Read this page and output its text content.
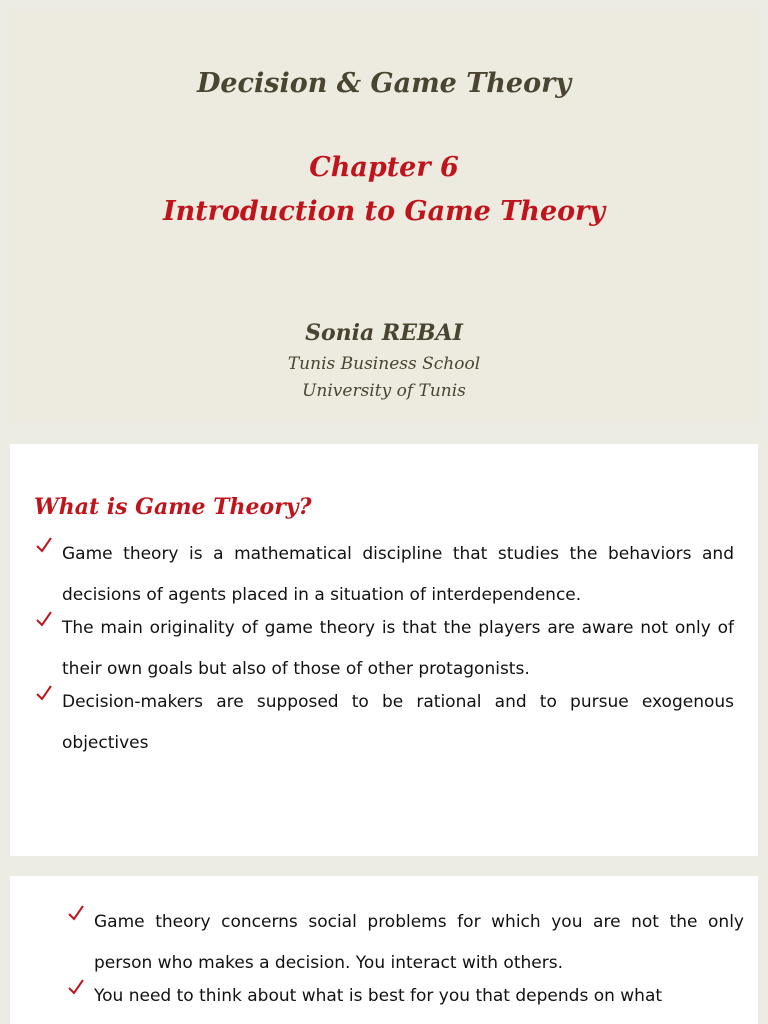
Decision & Game Theory
Chapter 6
Introduction to Game Theory
Sonia REBAI
Tunis Business School
University of Tunis
What is Game Theory?
Game theory is a mathematical discipline that studies the behaviors and decisions of agents placed in a situation of interdependence.
The main originality of game theory is that the players are aware not only of their own goals but also of those of other protagonists.
Decision-makers are supposed to be rational and to pursue exogenous objectives
Game theory concerns social problems for which you are not the only person who makes a decision. You interact with others.
You need to think about what is best for you that depends on what
